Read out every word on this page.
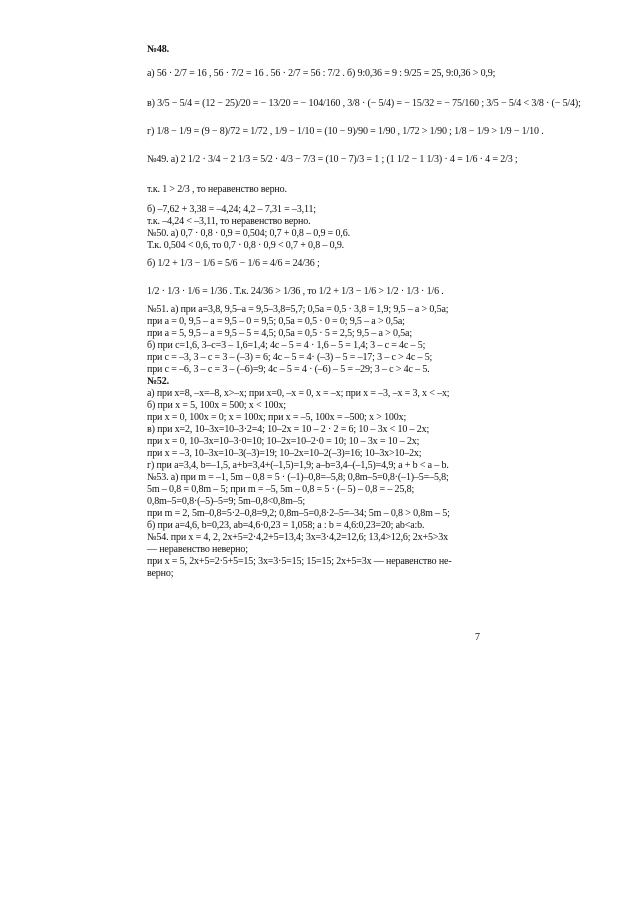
№48.
а) 56 · 2/7 = 16 , 56 · 7/2 = 16 . 56 · 2/7 = 56 : 7/2 . б) 9:0,36 = 9 : 9/25 = 25, 9:0,36 > 0,9;
в) 3/5 − 5/4 = (12 − 25)/20 = − 13/20 = − 104/160 , 3/8 · (− 5/4) = − 15/32 = − 75/160 ; 3/5 − 5/4 < 3/8 · (− 5/4);
г) 1/8 − 1/9 = (9 − 8)/72 = 1/72 , 1/9 − 1/10 = (10 − 9)/90 = 1/90 , 1/72 > 1/90 ; 1/8 − 1/9 > 1/9 − 1/10 .
№49. а) 2 1/2 · 3/4 − 2 1/3 = 5/2 · 4/3 − 7/3 = (10 − 7)/3 = 1 ; (1 1/2 − 1 1/3) · 4 = 1/6 · 4 = 2/3 ;
т.к. 1 > 2/3 , то неравенство верно.
б) –7,62 + 3,38 = –4,24; 4,2 – 7,31 = –3,11;
т.к. –4,24 < –3,11, то неравенство верно.
№50. а) 0,7 · 0,8 · 0,9 = 0,504; 0,7 + 0,8 – 0,9 = 0,6.
Т.к. 0,504 < 0,6, то 0,7 · 0,8 · 0,9 < 0,7 + 0,8 – 0,9.
б) 1/2 + 1/3 − 1/6 = 5/6 − 1/6 = 4/6 = 24/36 ;
1/2 · 1/3 · 1/6 = 1/36 . Т.к. 24/36 > 1/36 , то 1/2 + 1/3 − 1/6 > 1/2 · 1/3 · 1/6 .
№51. а) при a=3,8, 9,5–a = 9,5–3,8=5,7; 0,5a = 0,5 · 3,8 = 1,9; 9,5 – a > 0,5a;
при a = 0, 9,5 – a = 9,5 – 0 = 9,5; 0,5a = 0,5 · 0 = 0; 9,5 – a > 0,5a;
при a = 5, 9,5 – a = 9,5 – 5 = 4,5; 0,5a = 0,5 · 5 = 2,5; 9,5 – a > 0,5a;
б) при c=1,6, 3–c=3 – 1,6=1,4; 4c – 5 = 4 · 1,6 – 5 = 1,4; 3 – c = 4c – 5;
при c = –3, 3 – c = 3 – (–3) = 6; 4c – 5 = 4· (–3) – 5 = –17; 3 – c > 4c – 5;
при c = –6, 3 – c = 3 – (–6)=9; 4c – 5 = 4 · (–6) – 5 = –29; 3 – c > 4c – 5.
№52.
а) при x=8, –x=–8, x>–x; при x=0, –x = 0, x = –x; при x = –3, –x = 3, x < –x;
б) при x = 5, 100x = 500; x < 100x;
при x = 0, 100x = 0; x = 100x; при x = –5, 100x = –500; x > 100x;
в) при x=2, 10–3x=10–3·2=4; 10–2x = 10 – 2 · 2 = 6; 10 – 3x < 10 – 2x;
при x = 0, 10–3x=10–3·0=10; 10–2x=10–2·0 = 10; 10 – 3x = 10 – 2x;
при x = –3, 10–3x=10–3(–3)=19; 10–2x=10–2(–3)=16; 10–3x>10–2x;
г) при a=3,4, b=–1,5, a+b=3,4+(–1,5)=1,9; a–b=3,4–(–1,5)=4,9; a + b < a – b.
№53. а) при m = –1, 5m – 0,8 = 5 · (–1)–0,8=–5,8; 0,8m–5=0,8·(–1)–5=–5,8;
5m – 0,8 = 0,8m – 5; при m = –5, 5m – 0,8 = 5 · (– 5) – 0,8 = – 25,8;
0,8m–5=0,8·(–5)–5=9; 5m–0,8<0,8m–5;
при m = 2, 5m–0,8=5·2–0,8=9,2; 0,8m–5=0,8·2–5=–34; 5m – 0,8 > 0,8m – 5;
б) при a=4,6, b=0,23, ab=4,6·0,23 = 1,058; a : b = 4,6:0,23=20; ab<a:b.
№54. при x = 4, 2, 2x+5=2·4,2+5=13,4; 3x=3·4,2=12,6; 13,4>12,6; 2x+5>3x
— неравенство неверно;
при x = 5, 2x+5=2·5+5=15; 3x=3·5=15; 15=15; 2x+5=3x — неравенство не-
верно;
7
